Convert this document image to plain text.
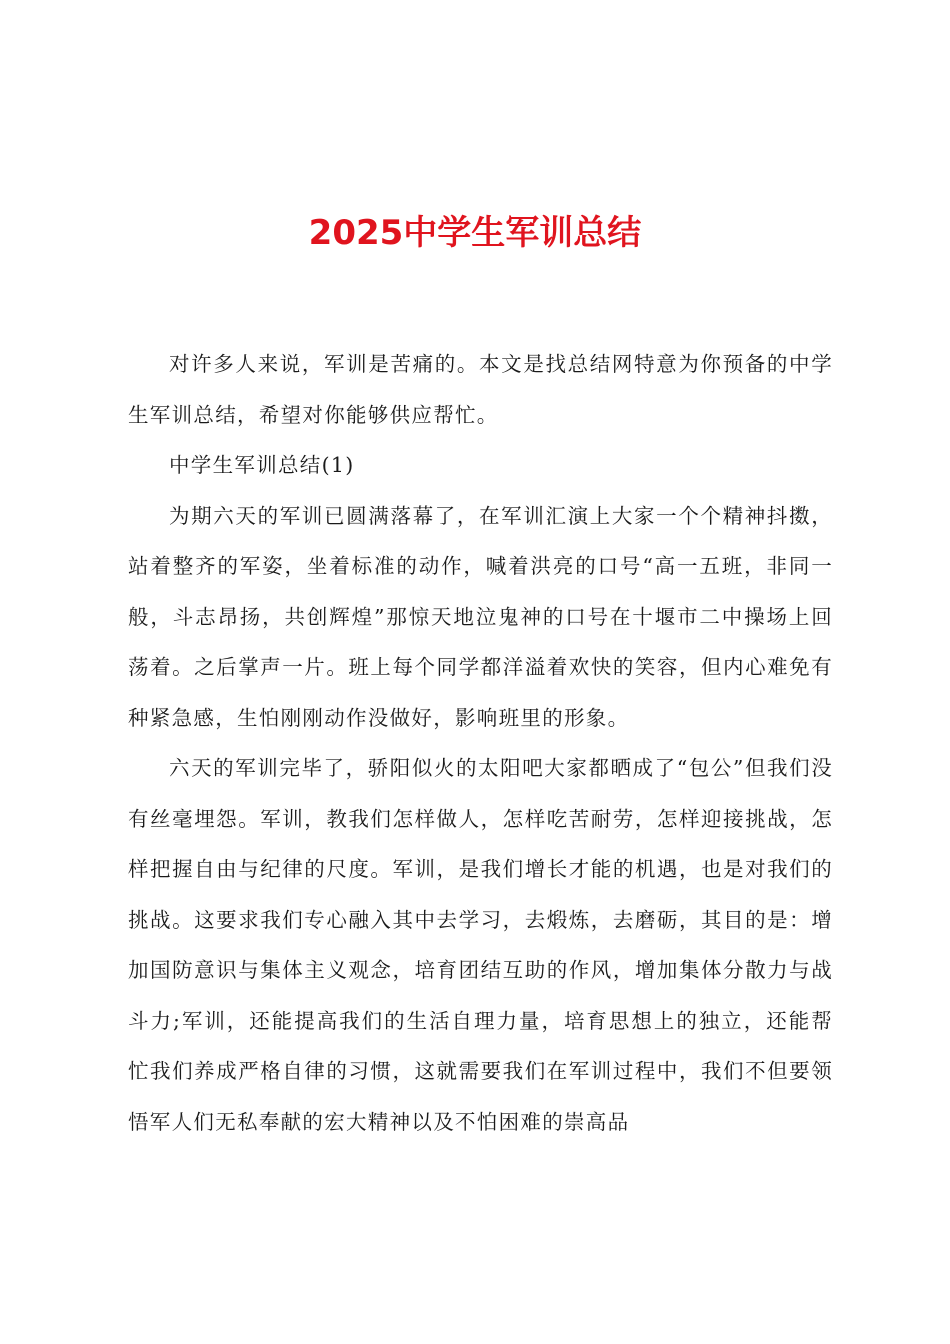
2025中学生军训总结

对许多人来说，军训是苦痛的。本文是找总结网特意为你预备的中学生军训总结，希望对你能够供应帮忙。

中学生军训总结(1)

为期六天的军训已圆满落幕了，在军训汇演上大家一个个精神抖擞，站着整齐的军姿，坐着标准的动作，喊着洪亮的口号“高一五班，非同一般，斗志昂扬，共创辉煌”那惊天地泣鬼神的口号在十堰市二中操场上回荡着。之后掌声一片。班上每个同学都洋溢着欢快的笑容，但内心难免有种紧急感，生怕刚刚动作没做好，影响班里的形象。

六天的军训完毕了，骄阳似火的太阳吧大家都晒成了“包公”但我们没有丝毫埋怨。军训，教我们怎样做人，怎样吃苦耐劳，怎样迎接挑战，怎样把握自由与纪律的尺度。军训，是我们增长才能的机遇，也是对我们的挑战。这要求我们专心融入其中去学习，去煅炼，去磨砺，其目的是：增加国防意识与集体主义观念，培育团结互助的作风，增加集体分散力与战斗力;军训，还能提高我们的生活自理力量，培育思想上的独立，还能帮忙我们养成严格自律的习惯，这就需要我们在军训过程中，我们不但要领悟军人们无私奉献的宏大精神以及不怕困难的崇高品
